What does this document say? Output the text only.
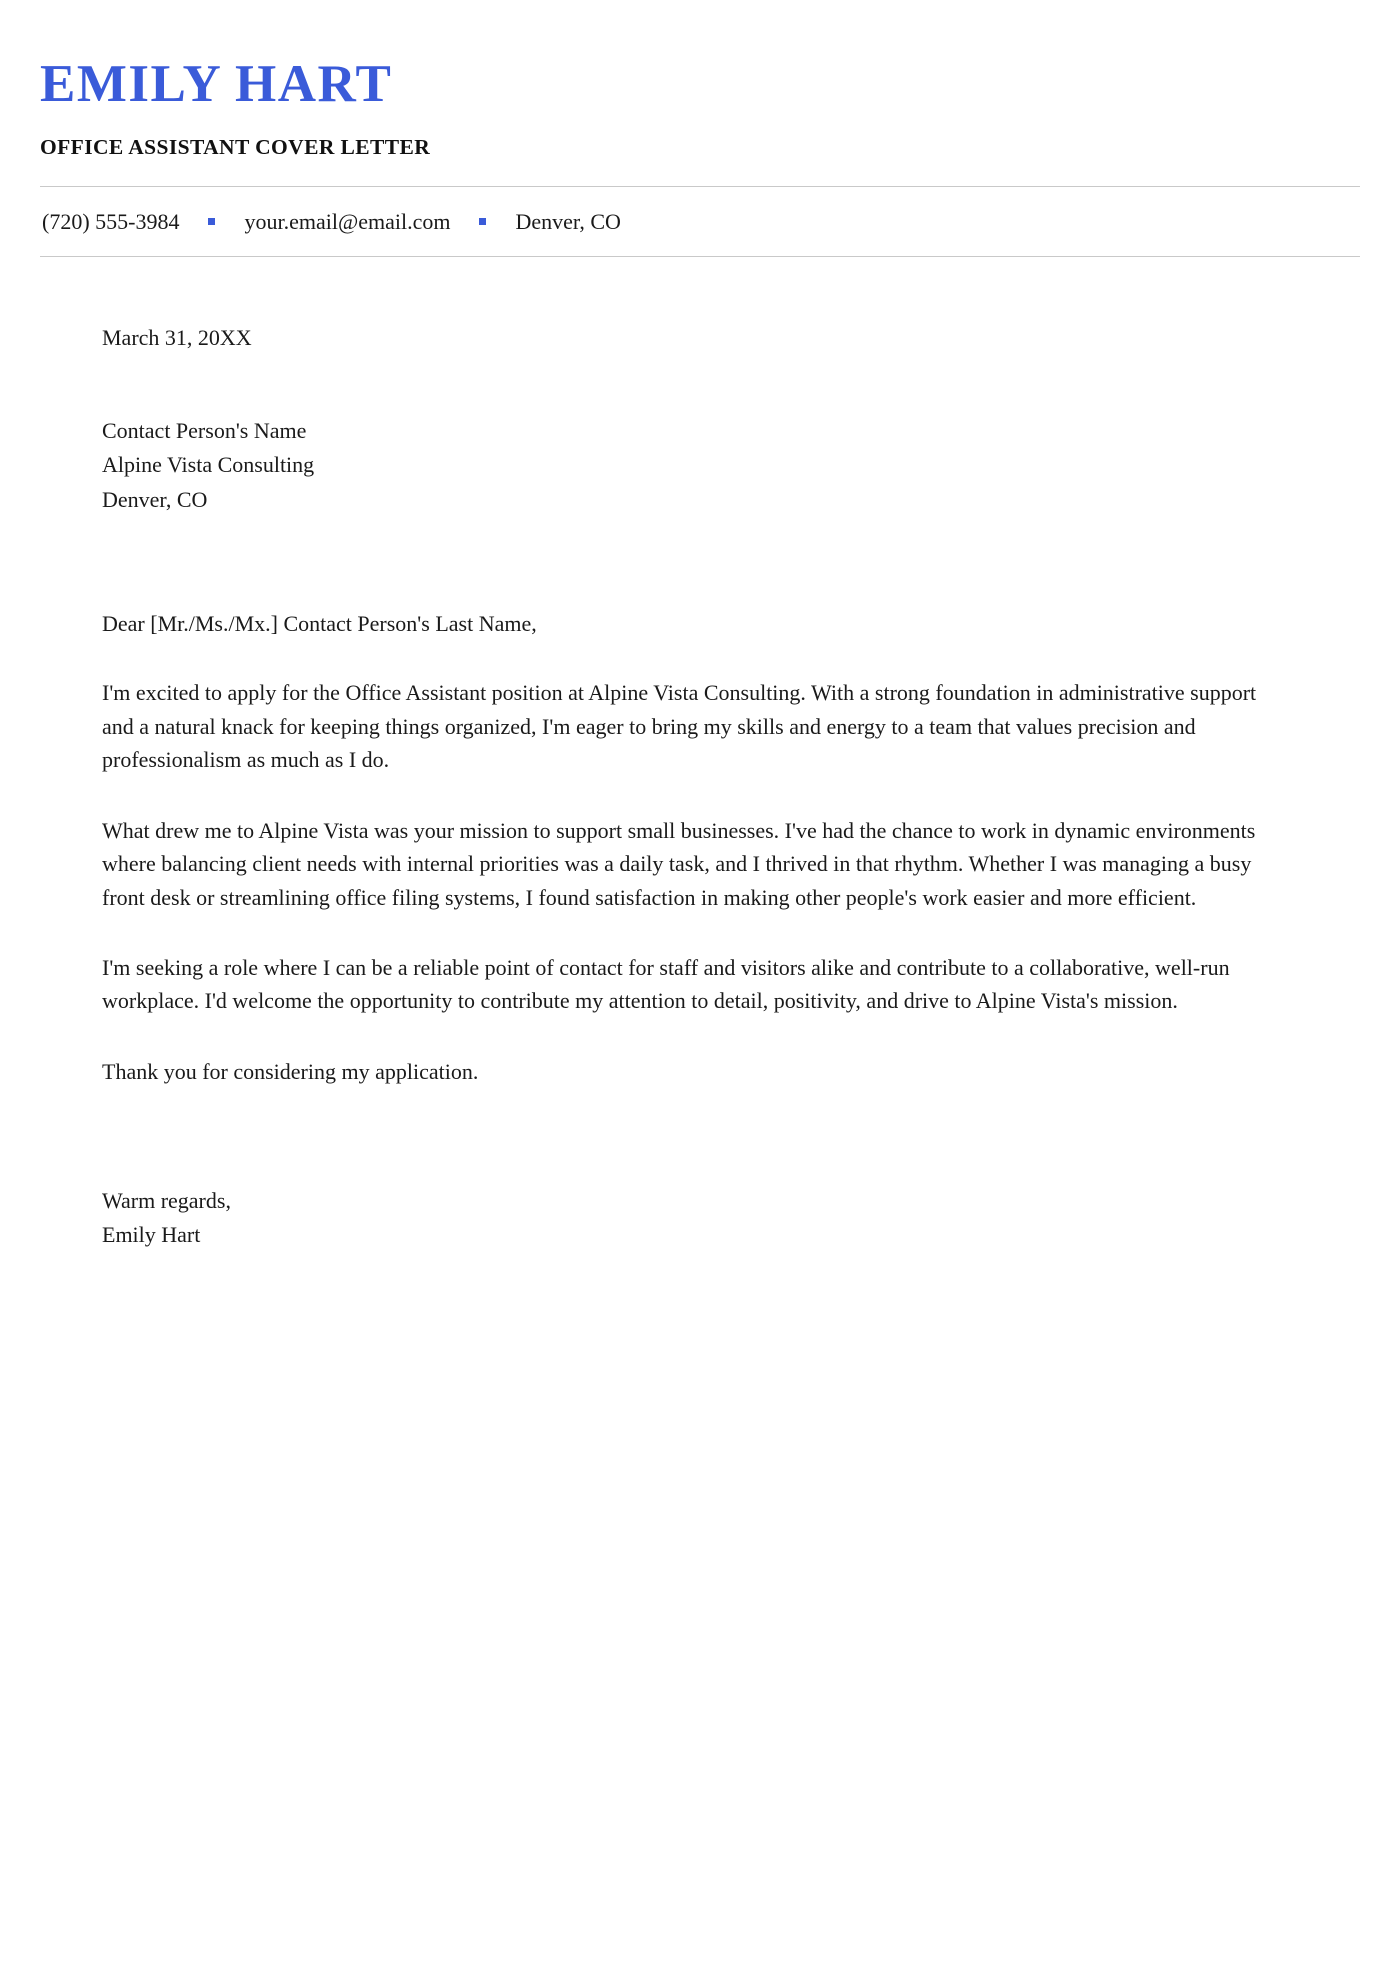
EMILY HART
OFFICE ASSISTANT COVER LETTER
(720) 555-3984	your.email@email.com	Denver, CO
March 31, 20XX
Contact Person's Name
Alpine Vista Consulting
Denver, CO
Dear [Mr./Ms./Mx.] Contact Person's Last Name,

I'm excited to apply for the Office Assistant position at Alpine Vista Consulting. With a strong foundation in administrative support and a natural knack for keeping things organized, I'm eager to bring my skills and energy to a team that values precision and professionalism as much as I do.

What drew me to Alpine Vista was your mission to support small businesses. I've had the chance to work in dynamic environments where balancing client needs with internal priorities was a daily task, and I thrived in that rhythm. Whether I was managing a busy front desk or streamlining office filing systems, I found satisfaction in making other people's work easier and more efficient.

I'm seeking a role where I can be a reliable point of contact for staff and visitors alike and contribute to a collaborative, well-run workplace. I'd welcome the opportunity to contribute my attention to detail, positivity, and drive to Alpine Vista's mission.

Thank you for considering my application.

Warm regards,
Emily Hart
